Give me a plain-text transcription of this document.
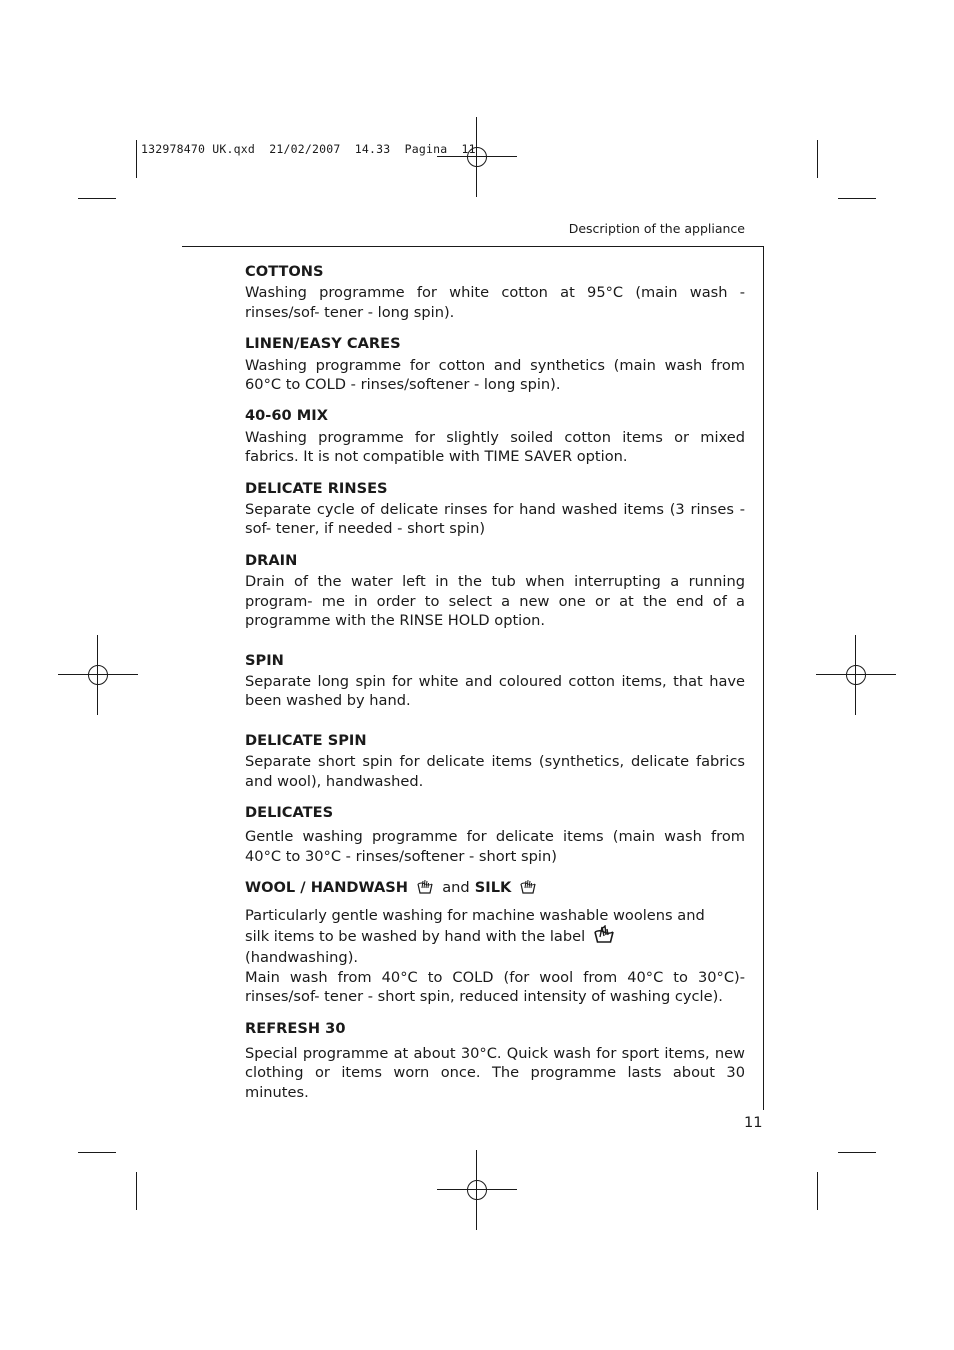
132978470 UK.qxd  21/02/2007  14.33  Pagina  11
Description of the appliance
COTTONS
Washing programme for white cotton at 95°C (main wash - rinses/sof- tener - long spin).
LINEN/EASY CARES
Washing programme for cotton and synthetics (main wash from 60°C to COLD - rinses/softener - long spin).
40-60 MIX
Washing programme for slightly soiled cotton items or mixed fabrics. It is not compatible with TIME SAVER option.
DELICATE RINSES
Separate cycle of delicate rinses for hand washed items (3 rinses - sof- tener, if needed - short spin)
DRAIN
Drain of the water left in the tub when interrupting a running program- me in order to select a new one or at the end of a programme with the RINSE HOLD option.
SPIN
Separate long spin for white and coloured cotton items, that have been washed by hand.
DELICATE SPIN
Separate short spin for delicate items (synthetics, delicate fabrics and wool), handwashed.
DELICATES
Gentle washing programme for delicate items (main wash from 40°C to 30°C - rinses/softener - short spin)
WOOL / HANDWASH and SILK
Particularly gentle washing for machine washable woolens and silk items to be washed by hand with the label  (handwashing).
Main wash from 40°C to COLD (for wool from 40°C to 30°C)- rinses/sof- tener - short spin, reduced intensity of washing cycle).
REFRESH 30
Special programme at about 30°C. Quick wash for sport items, new clothing or items worn once. The programme lasts about 30 minutes.
11
